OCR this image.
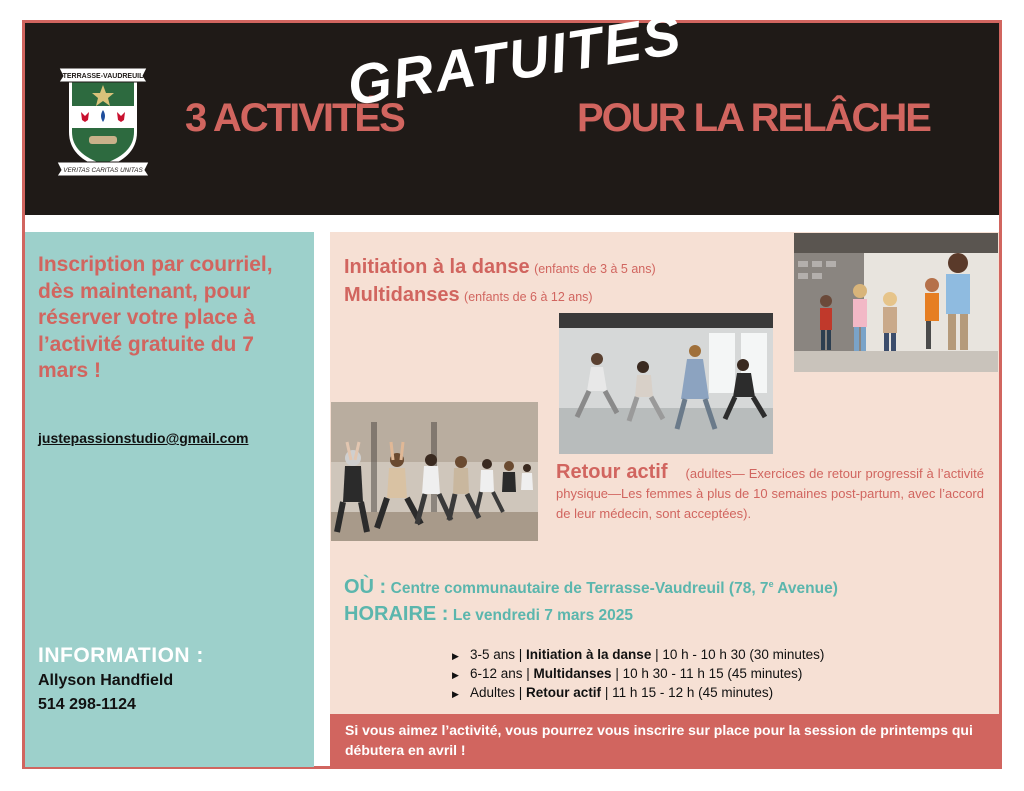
TERRASSE-VAUDREUIL
VERITAS CARITAS UNITAS
3 ACTIVITÉS
GRATUITES
POUR LA RELÂCHE
Inscription par courriel, dès maintenant, pour réserver votre place à l’activité gratuite du 7 mars !
justepassionstudio@gmail.com
INFORMATION :
Allyson Handfield
514 298-1124
Initiation à la danse (enfants de 3 à 5 ans)
Multidanses (enfants de 6 à 12 ans)
Retour actif (adultes— Exercices de retour progressif à l’activité physique—Les femmes à plus de 10 semaines post-partum, avec l’accord de leur médecin, sont acceptées).
OÙ : Centre communautaire de Terrasse-Vaudreuil (78, 7e Avenue)
HORAIRE : Le vendredi 7 mars 2025
▶ 3-5 ans | Initiation à la danse | 10 h - 10 h 30 (30 minutes)
▶ 6-12 ans | Multidanses | 10 h 30 - 11 h 15 (45 minutes)
▶ Adultes | Retour actif | 11 h 15 - 12 h (45 minutes)
Si vous aimez l’activité, vous pourrez vous inscrire sur place pour la session de printemps qui débutera en avril !
